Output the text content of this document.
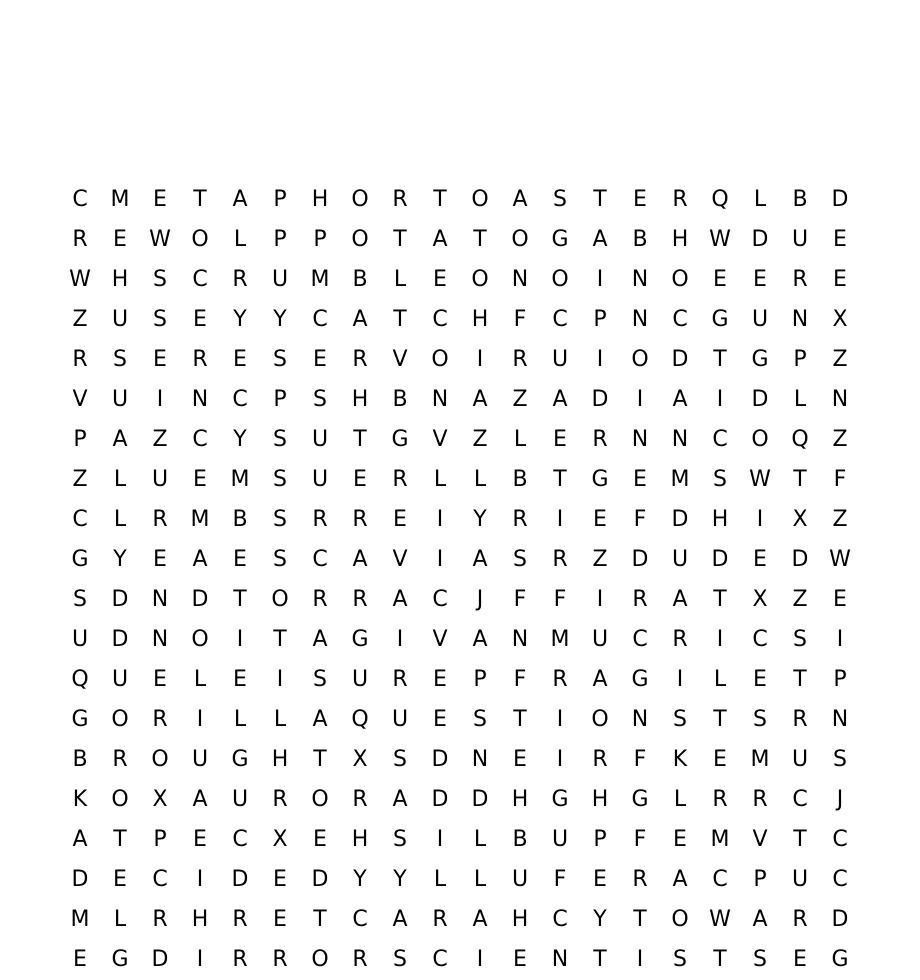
C	M	E	T	A	P	H	O	R	T	O	A	S	T	E	R	Q	L	B	D
R	E	W O	L	P	P	O	T	A	T	O	G	A	B	H W D	U	E
W H	S	C	R	U	M	B	L	E	O	N	O	I	N	O	E	E	R	E
Z	U	S	E	Y	Y	C	A	T	C	H	F	C	P	N	C	G	U	N	X
R	S	E	R	E	S	E	R	V	O	I	R	U	I	O	D	T	G	P	Z
V	U	I	N	C	P	S	H	B	N	A	Z	A	D	I	A	I	D	L	N
P	A	Z	C	Y	S	U	T	G	V	Z	L	E	R	N	N	C	O	Q	Z
Z	L	U	E	M	S	U	E	R	L	L	B	T	G	E	M	S	W	T	F
C	L	R	M	B	S	R	R	E	I	Y	R	I	E	F	D	H	I	X	Z
G	Y	E	A	E	S	C	A	V	I	A	S	R	Z	D	U	D	E	D W
S	D	N	D	T	O	R	R	A	C	J	F	F	I	R	A	T	X	Z	E
U	D	N	O	I	T	A	G	I	V	A	N	M	U	C	R	I	C	S	I
Q	U	E	L	E	I	S	U	R	E	P	F	R	A	G	I	L	E	T	P
G	O	R	I	L	L	A	Q	U	E	S	T	I	O	N	S	T	S	R	N
B	R	O	U	G	H	T	X	S	D	N	E	I	R	F	K	E	M	U	S
K	O	X	A	U	R	O	R	A	D	D	H	G	H	G	L	R	R	C	J
A	T	P	E	C	X	E	H	S	I	L	B	U	P	F	E	M	V	T	C
D	E	C	I	D	E	D	Y	Y	L	L	U	F	E	R	A	C	P	U	C
M	L	R	H	R	E	T	C	A	R	A	H	C	Y	T	O W A	R	D
E	G	D	I	R	R	O	R	S	C	I	E	N	T	I	S	T	S	E	G
